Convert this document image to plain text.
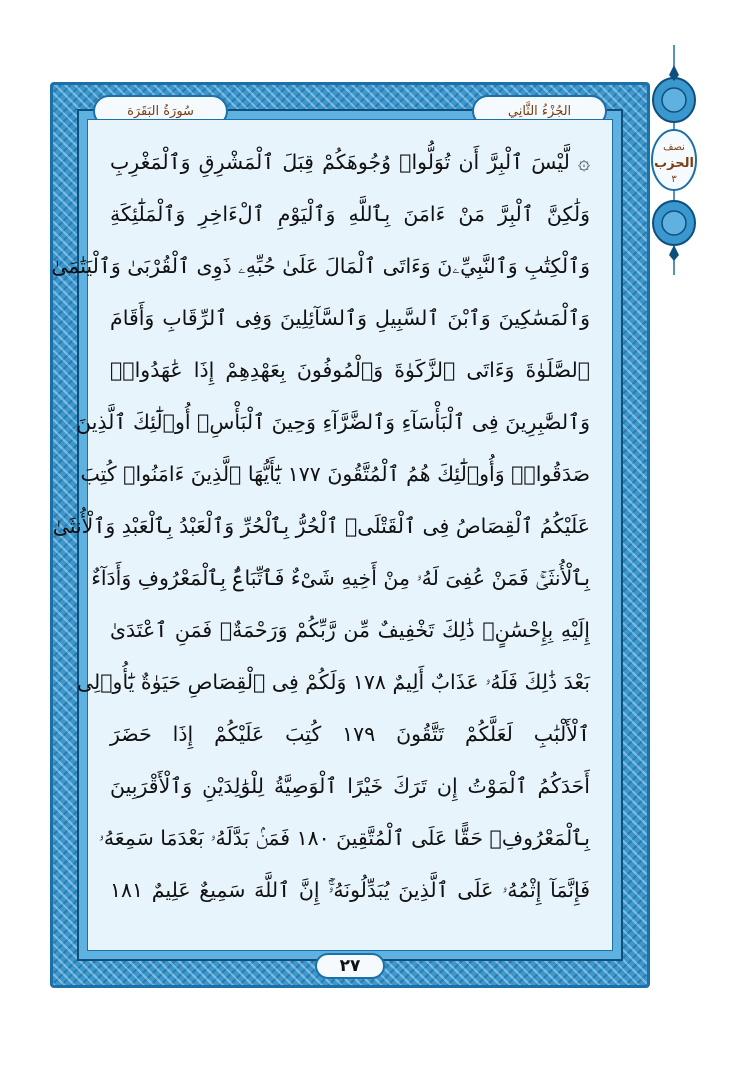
نصف
الحزب
٣
سُورَةُ البَقَرَة	الجُزْءُ الثَّانِي
۞ لَّيْسَ ٱلْبِرَّ أَن تُوَلُّوا۟ وُجُوهَكُمْ قِبَلَ ٱلْمَشْرِقِ وَٱلْمَغْرِبِ
وَلَٰكِنَّ ٱلْبِرَّ مَنْ ءَامَنَ بِٱللَّهِ وَٱلْيَوْمِ ٱلْءَاخِرِ وَٱلْمَلَٰٓئِكَةِ
وَٱلْكِتَٰبِ وَٱلنَّبِيِّۦنَ وَءَاتَى ٱلْمَالَ عَلَىٰ حُبِّهِۦ ذَوِى ٱلْقُرْبَىٰ وَٱلْيَتَٰمَىٰ
وَٱلْمَسَٰكِينَ وَٱبْنَ ٱلسَّبِيلِ وَٱلسَّآئِلِينَ وَفِى ٱلرِّقَابِ وَأَقَامَ
ٱلصَّلَوٰةَ وَءَاتَى ٱلزَّكَوٰةَ وَٱلْمُوفُونَ بِعَهْدِهِمْ إِذَا عَٰهَدُوا۟ۖ
وَٱلصَّٰبِرِينَ فِى ٱلْبَأْسَآءِ وَٱلضَّرَّآءِ وَحِينَ ٱلْبَأْسِۗ أُو۟لَٰٓئِكَ ٱلَّذِينَ
صَدَقُوا۟ۖ وَأُو۟لَٰٓئِكَ هُمُ ٱلْمُتَّقُونَ ١٧٧ يَٰٓأَيُّهَا ٱلَّذِينَ ءَامَنُوا۟ كُتِبَ
عَلَيْكُمُ ٱلْقِصَاصُ فِى ٱلْقَتْلَىۖ ٱلْحُرُّ بِٱلْحُرِّ وَٱلْعَبْدُ بِٱلْعَبْدِ وَٱلْأُنثَىٰ
بِٱلْأُنثَىٰۚ فَمَنْ عُفِىَ لَهُۥ مِنْ أَخِيهِ شَىْءٌ فَٱتِّبَاعٌۢ بِٱلْمَعْرُوفِ وَأَدَآءٌ
إِلَيْهِ بِإِحْسَٰنٍۗ ذَٰلِكَ تَخْفِيفٌ مِّن رَّبِّكُمْ وَرَحْمَةٌۗ فَمَنِ ٱعْتَدَىٰ
بَعْدَ ذَٰلِكَ فَلَهُۥ عَذَابٌ أَلِيمٌ ١٧٨ وَلَكُمْ فِى ٱلْقِصَاصِ حَيَوٰةٌ يَٰٓأُو۟لِى
ٱلْأَلْبَٰبِ لَعَلَّكُمْ تَتَّقُونَ ١٧٩ كُتِبَ عَلَيْكُمْ إِذَا حَضَرَ
أَحَدَكُمُ ٱلْمَوْتُ إِن تَرَكَ خَيْرًا ٱلْوَصِيَّةُ لِلْوَٰلِدَيْنِ وَٱلْأَقْرَبِينَ
بِٱلْمَعْرُوفِۖ حَقًّا عَلَى ٱلْمُتَّقِينَ ١٨٠ فَمَنۢ بَدَّلَهُۥ بَعْدَمَا سَمِعَهُۥ
فَإِنَّمَآ إِثْمُهُۥ عَلَى ٱلَّذِينَ يُبَدِّلُونَهُۥٓۚ إِنَّ ٱللَّهَ سَمِيعٌ عَلِيمٌ ١٨١
٢٧
